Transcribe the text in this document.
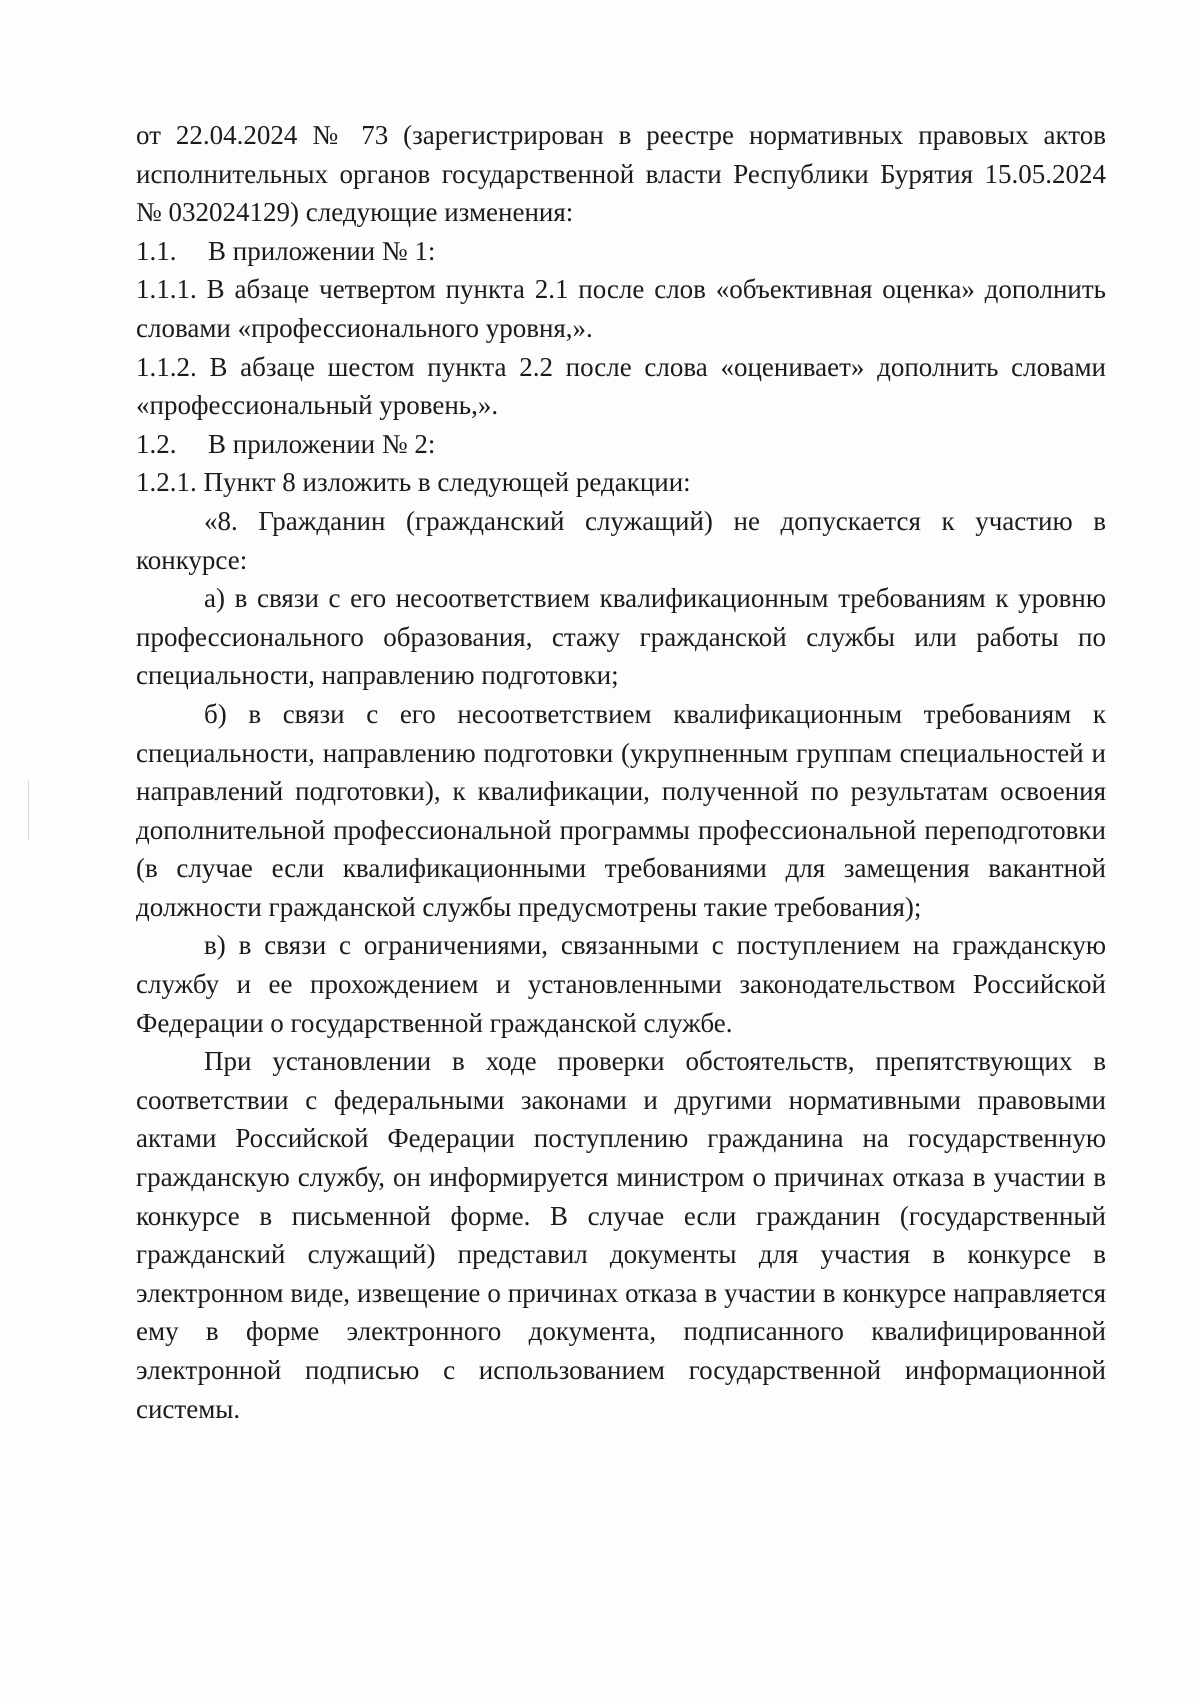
от 22.04.2024 № 73 (зарегистрирован в реестре нормативных правовых актов исполнительных органов государственной власти Республики Бурятия 15.05.2024 № 032024129) следующие изменения:

1.1.	В приложении № 1:

1.1.1. В абзаце четвертом пункта 2.1 после слов «объективная оценка» дополнить словами «профессионального уровня,».

1.1.2. В абзаце шестом пункта 2.2 после слова «оценивает» дополнить словами «профессиональный уровень,».

1.2.	В приложении № 2:

1.2.1. Пункт 8 изложить в следующей редакции:

«8. Гражданин (гражданский служащий) не допускается к участию в конкурсе:

а) в связи с его несоответствием квалификационным требованиям к уровню профессионального образования, стажу гражданской службы или работы по специальности, направлению подготовки;

б) в связи с его несоответствием квалификационным требованиям к специальности, направлению подготовки (укрупненным группам специальностей и направлений подготовки), к квалификации, полученной по результатам освоения дополнительной профессиональной программы профессиональной переподготовки (в случае если квалификационными требованиями для замещения вакантной должности гражданской службы предусмотрены такие требования);

в) в связи с ограничениями, связанными с поступлением на гражданскую службу и ее прохождением и установленными законодательством Российской Федерации о государственной гражданской службе.

При установлении в ходе проверки обстоятельств, препятствующих в соответствии с федеральными законами и другими нормативными правовыми актами Российской Федерации поступлению гражданина на государственную гражданскую службу, он информируется министром о причинах отказа в участии в конкурсе в письменной форме. В случае если гражданин (государственный гражданский служащий) представил документы для участия в конкурсе в электронном виде, извещение о причинах отказа в участии в конкурсе направляется ему в форме электронного документа, подписанного квалифицированной электронной подписью с использованием государственной информационной системы.
